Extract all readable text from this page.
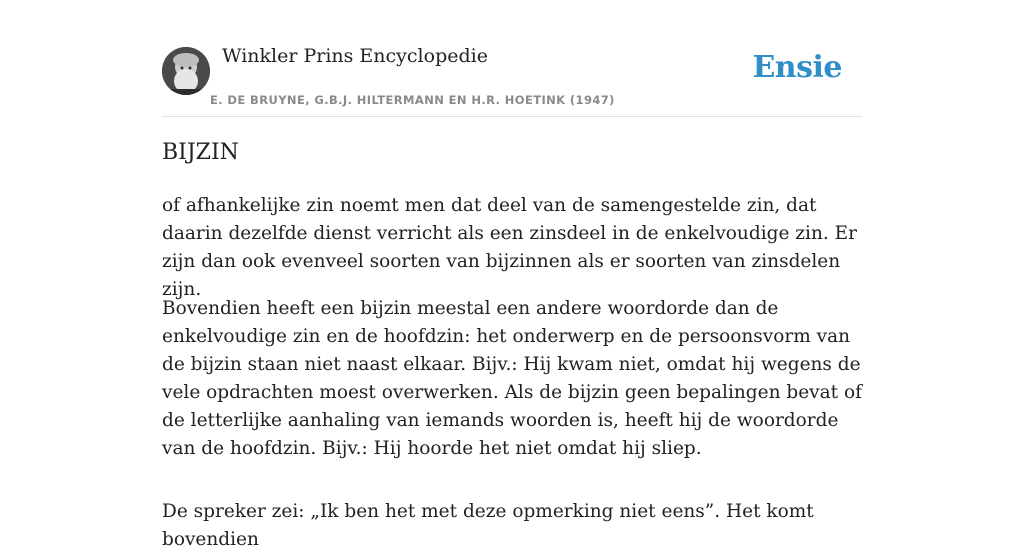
Winkler Prins Encyclopedie
E. DE BRUYNE, G.B.J. HILTERMANN EN H.R. HOETINK (1947)
Ensie
BIJZIN

of afhankelijke zin noemt men dat deel van de samengestelde zin, dat daarin dezelfde dienst verricht als een zinsdeel in de enkelvoudige zin. Er zijn dan ook evenveel soorten van bijzinnen als er soorten van zinsdelen zijn.

Bovendien heeft een bijzin meestal een andere woordorde dan de enkelvoudige zin en de hoofdzin: het onderwerp en de persoonsvorm van de bijzin staan niet naast elkaar. Bijv.: Hij kwam niet, omdat hij wegens de vele opdrachten moest overwerken. Als de bijzin geen bepalingen bevat of de letterlijke aanhaling van iemands woorden is, heeft hij de woordorde van de hoofdzin. Bijv.: Hij hoorde het niet omdat hij sliep.

De spreker zei: „Ik ben het met deze opmerking niet eens”. Het komt bovendien
